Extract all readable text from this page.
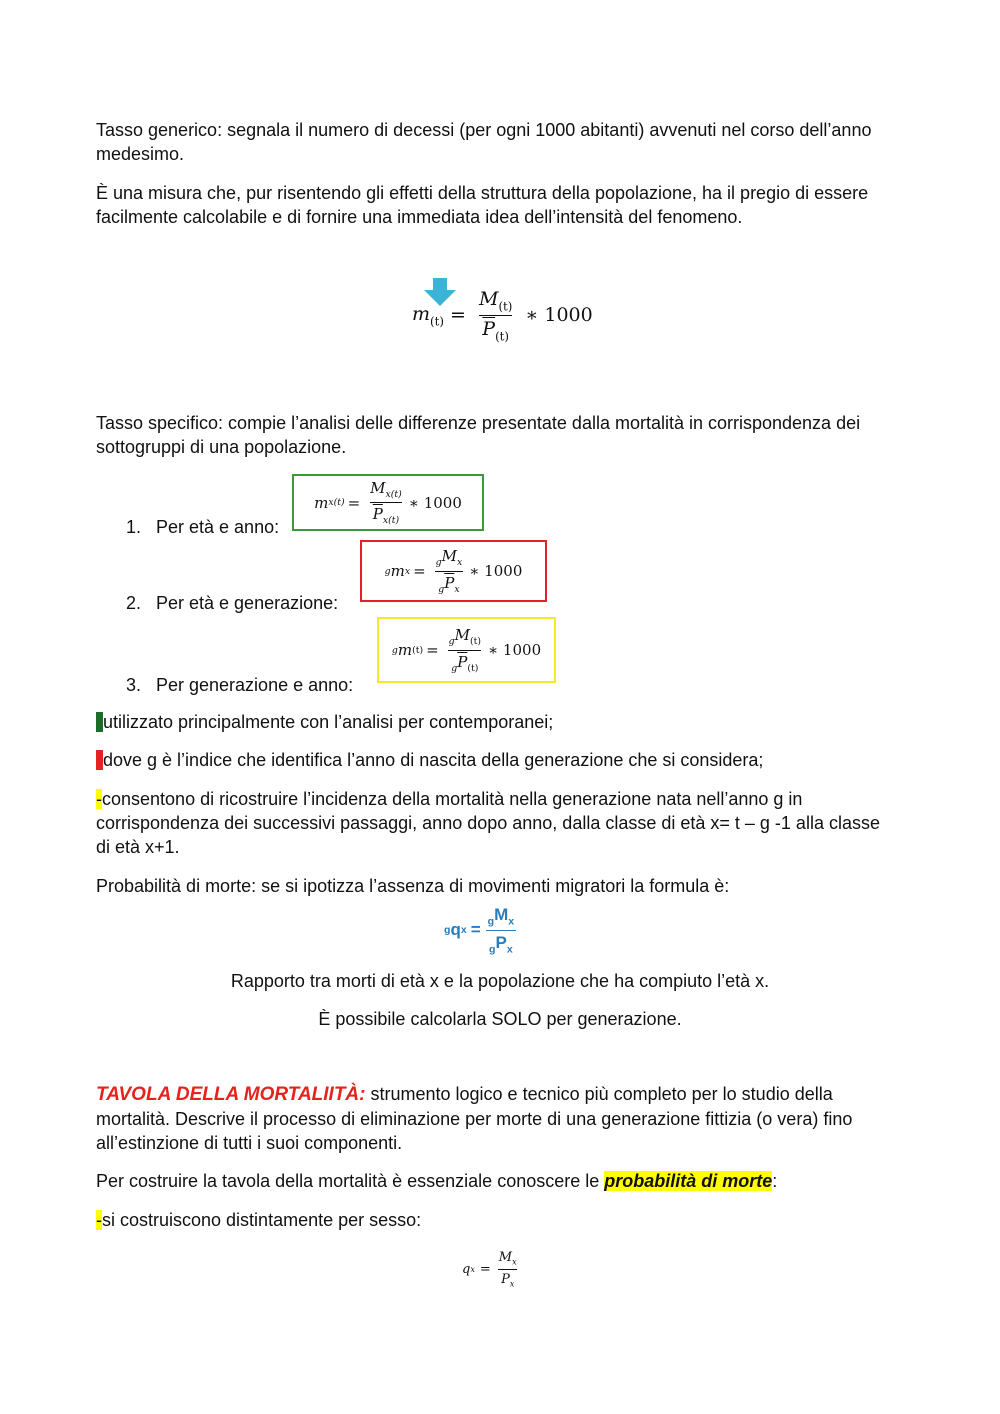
Tasso generico: segnala il numero di decessi (per ogni 1000 abitanti) avvenuti nel corso dell’anno medesimo.

È una misura che, pur risentendo gli effetti della struttura della popolazione, ha il pregio di essere facilmente calcolabile e di fornire una immediata idea dell’intensità del fenomeno.

$m_{(t)} = \frac{M_{(t)}}{\overline{P}_{(t)}}$ ∗ 1000

Tasso specifico: compie l’analisi delle differenze presentate dalla mortalità in corrispondenza dei sottogruppi di una popolazione.

m $x(t) = \frac{M_{x(t)}}{\overline{P}_{x(t)}}$ ∗ 1000
g m $x = \frac{_gM_x}{_g\overline{P}_x}$ ∗ 1000
g m $(t) = \frac{_gM_{(t)}}{_g\overline{P}_{(t)}}$ ∗ 1000
1. Per età e anno:
2. Per età e generazione:
3. Per generazione e anno:

utilizzato principalmente con l’analisi per contemporanei;

dove g è l’indice che identifica l’anno di nascita della generazione che si considera;

-consentono di ricostruire l’incidenza della mortalità nella generazione nata nell’anno g in corrispondenza dei successivi passaggi, anno dopo anno, dalla classe di età x= t – g -1 alla classe di età x+1.

Probabilità di morte: se si ipotizza l’assenza di movimenti migratori la formula è:

g q $x = \frac{_gM_x}{_gP_x}$

Rapporto tra morti di età x e la popolazione che ha compiuto l’età x.

È possibile calcolarla SOLO per generazione.

TAVOLA DELLA MORTALIITÀ: strumento logico e tecnico più completo per lo studio della mortalità. Descrive il processo di eliminazione per morte di una generazione fittizia (o vera) fino all’estinzione di tutti i suoi componenti.

Per costruire la tavola della mortalità è essenziale conoscere le probabilità di morte:

-si costruiscono distintamente per sesso:

q $x = \frac{M_x}{P_x}$
